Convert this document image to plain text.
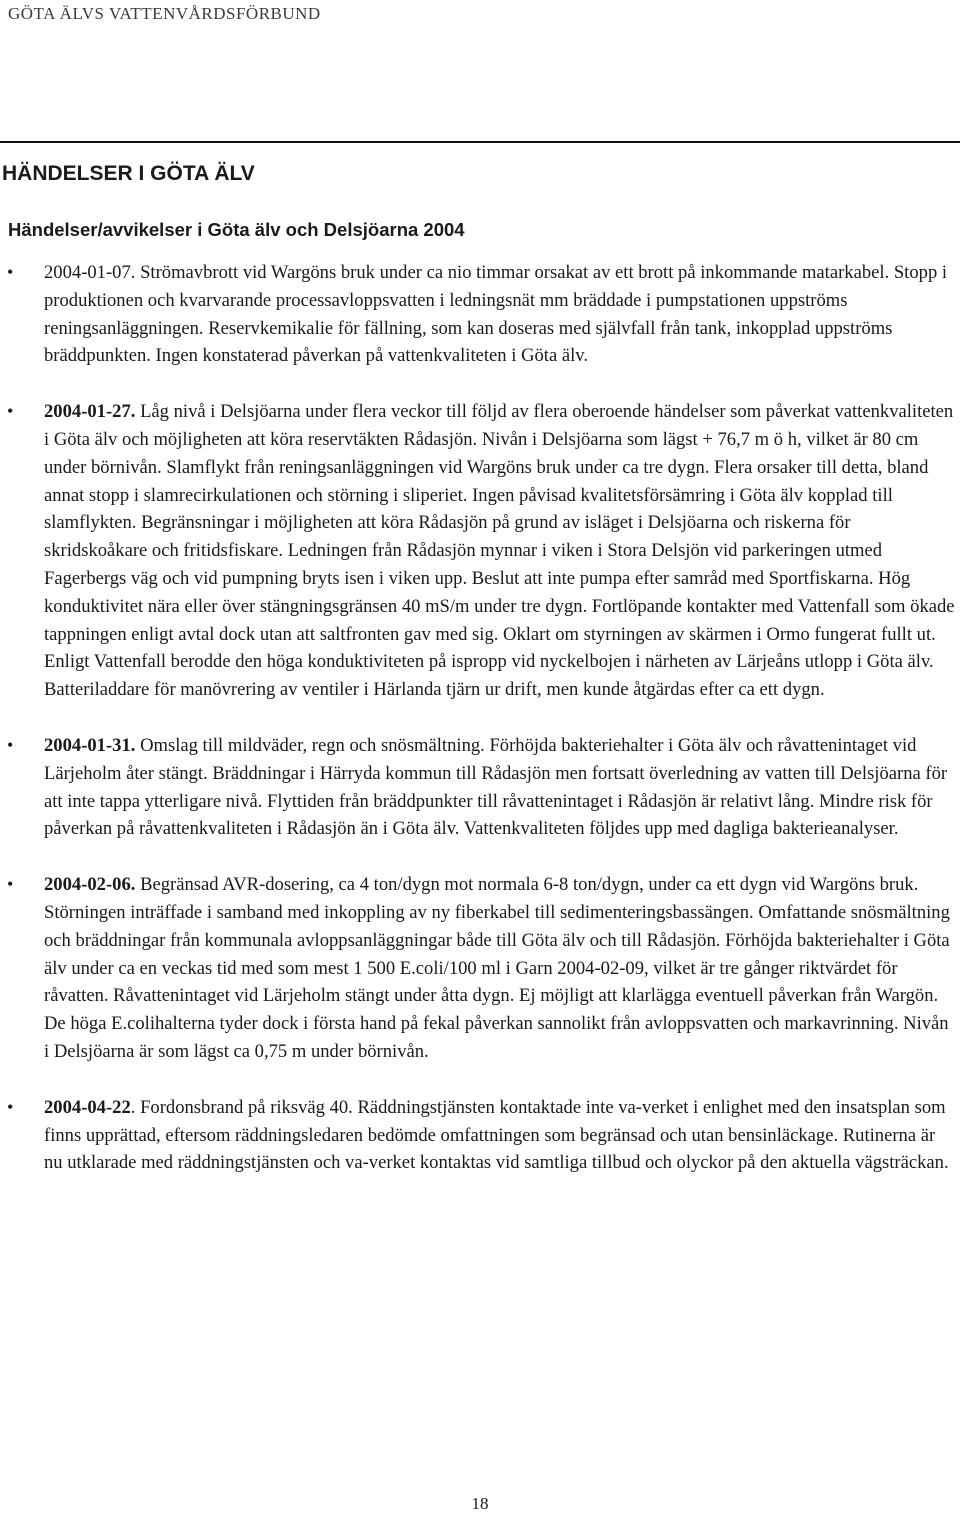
GÖTA ÄLVS VATTENVÅRDSFÖRBUND
HÄNDELSER I GÖTA ÄLV
Händelser/avvikelser i Göta älv och Delsjöarna 2004
• 2004-01-07. Strömavbrott vid Wargöns bruk under ca nio timmar orsakat av ett brott på inkommande matarkabel. Stopp i produktionen och kvarvarande processavloppsvatten i ledningsnät mm bräddade i pumpstationen uppströms reningsanläggningen. Reservkemikalie för fällning, som kan doseras med självfall från tank, inkopplad uppströms bräddpunkten. Ingen konstaterad påverkan på vattenkvaliteten i Göta älv.
• 2004-01-27. Låg nivå i Delsjöarna under flera veckor till följd av flera oberoende händelser som påverkat vattenkvaliteten i Göta älv och möjligheten att köra reservtäkten Rådasjön. Nivån i Delsjöarna som lägst + 76,7 m ö h, vilket är 80 cm under börnivån. Slamflykt från reningsanläggningen vid Wargöns bruk under ca tre dygn. Flera orsaker till detta, bland annat stopp i slamrecirkulationen och störning i sliperiet. Ingen påvisad kvalitetsförsämring i Göta älv kopplad till slamflykten. Begränsningar i möjligheten att köra Rådasjön på grund av isläget i Delsjöarna och riskerna för skridskoåkare och fritidsfiskare. Ledningen från Rådasjön mynnar i viken i Stora Delsjön vid parkeringen utmed Fagerbergs väg och vid pumpning bryts isen i viken upp. Beslut att inte pumpa efter samråd med Sportfiskarna. Hög konduktivitet nära eller över stängningsgränsen 40 mS/m under tre dygn. Fortlöpande kontakter med Vattenfall som ökade tappningen enligt avtal dock utan att saltfronten gav med sig. Oklart om styrningen av skärmen i Ormo fungerat fullt ut. Enligt Vattenfall berodde den höga konduktiviteten på ispropp vid nyckelbojen i närheten av Lärjeåns utlopp i Göta älv. Batteriladdare för manövrering av ventiler i Härlanda tjärn ur drift, men kunde åtgärdas efter ca ett dygn.
• 2004-01-31. Omslag till mildväder, regn och snösmältning. Förhöjda bakteriehalter i Göta älv och råvattenintaget vid Lärjeholm åter stängt. Bräddningar i Härryda kommun till Rådasjön men fortsatt överledning av vatten till Delsjöarna för att inte tappa ytterligare nivå. Flyttiden från bräddpunkter till råvattenintaget i Rådasjön är relativt lång. Mindre risk för påverkan på råvattenkvaliteten i Rådasjön än i Göta älv. Vattenkvaliteten följdes upp med dagliga bakterieanalyser.
• 2004-02-06. Begränsad AVR-dosering, ca 4 ton/dygn mot normala 6-8 ton/dygn, under ca ett dygn vid Wargöns bruk. Störningen inträffade i samband med inkoppling av ny fiberkabel till sedimenteringsbassängen. Omfattande snösmältning och bräddningar från kommunala avloppsanläggningar både till Göta älv och till Rådasjön. Förhöjda bakteriehalter i Göta älv under ca en veckas tid med som mest 1 500 E.coli/100 ml i Garn 2004-02-09, vilket är tre gånger riktvärdet för råvatten. Råvattenintaget vid Lärjeholm stängt under åtta dygn. Ej möjligt att klarlägga eventuell påverkan från Wargön. De höga E.colihalterna tyder dock i första hand på fekal påverkan sannolikt från avloppsvatten och markavrinning. Nivån i Delsjöarna är som lägst ca 0,75 m under börnivån.
• 2004-04-22. Fordonsbrand på riksväg 40. Räddningstjänsten kontaktade inte va-verket i enlighet med den insatsplan som finns upprättad, eftersom räddningsledaren bedömde omfattningen som begränsad och utan bensinläckage. Rutinerna är nu utklarade med räddningstjänsten och va-verket kontaktas vid samtliga tillbud och olyckor på den aktuella vägsträckan.
18
